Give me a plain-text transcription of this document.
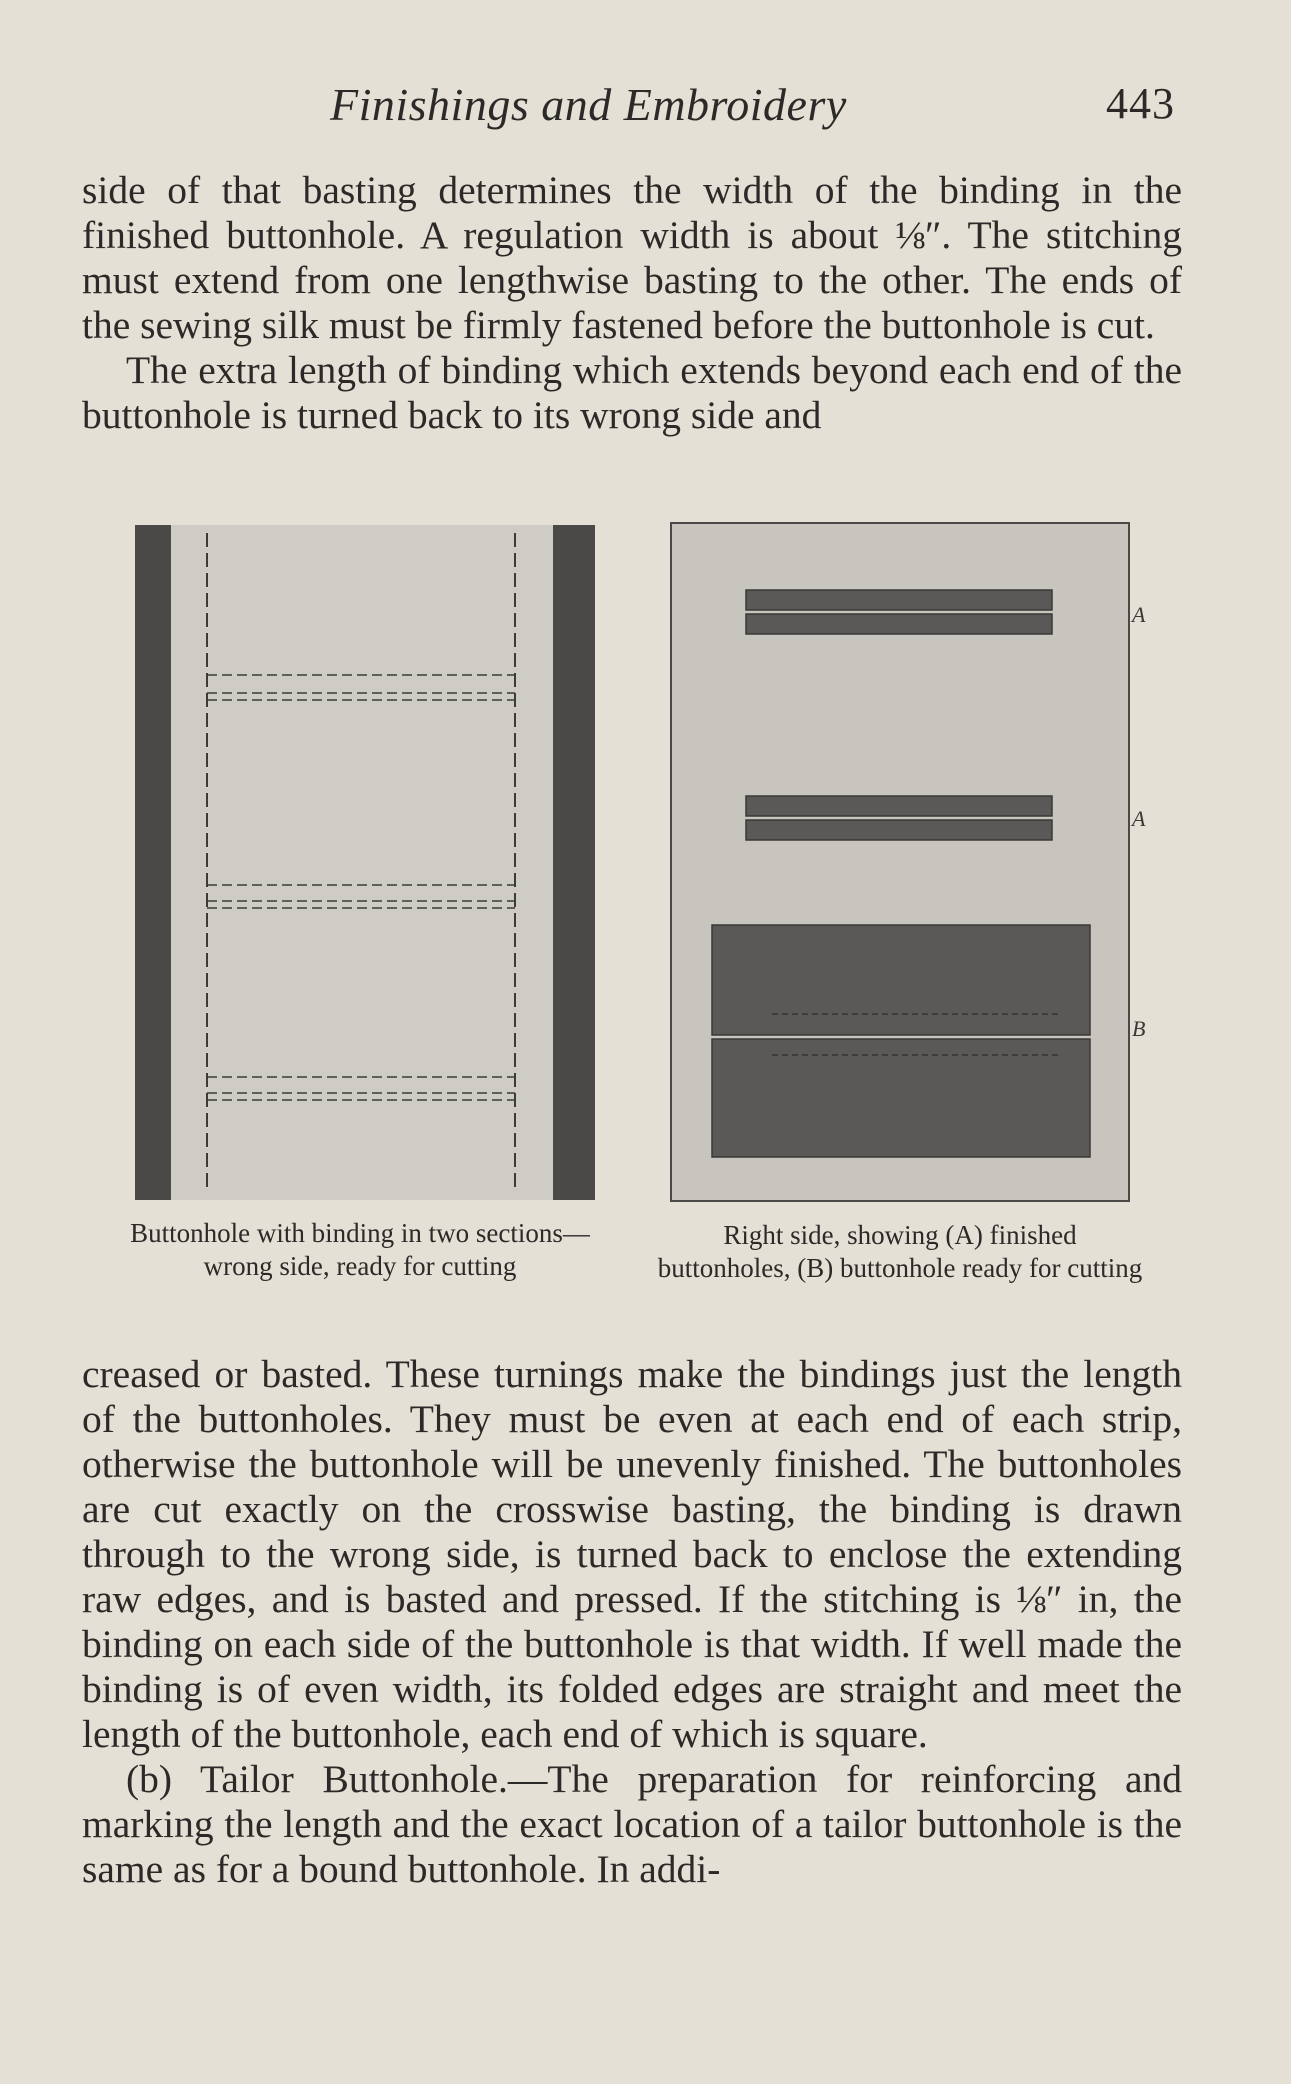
Finishings and Embroidery	443

side of that basting determines the width of the binding in the finished buttonhole. A regulation width is about ⅛″. The stitching must extend from one lengthwise basting to the other. The ends of the sewing silk must be firmly fastened before the buttonhole is cut.

The extra length of binding which extends beyond each end of the buttonhole is turned back to its wrong side and

A
A
B
Buttonhole with binding in two sections—wrong side, ready for cutting
Right side, showing (A) finished buttonholes, (B) buttonhole ready for cutting

creased or basted. These turnings make the bindings just the length of the buttonholes. They must be even at each end of each strip, otherwise the buttonhole will be unevenly finished. The buttonholes are cut exactly on the crosswise basting, the binding is drawn through to the wrong side, is turned back to enclose the extending raw edges, and is basted and pressed. If the stitching is ⅛″ in, the binding on each side of the buttonhole is that width. If well made the binding is of even width, its folded edges are straight and meet the length of the buttonhole, each end of which is square.

(b) Tailor Buttonhole.—The preparation for reinforcing and marking the length and the exact location of a tailor buttonhole is the same as for a bound buttonhole. In addi-
